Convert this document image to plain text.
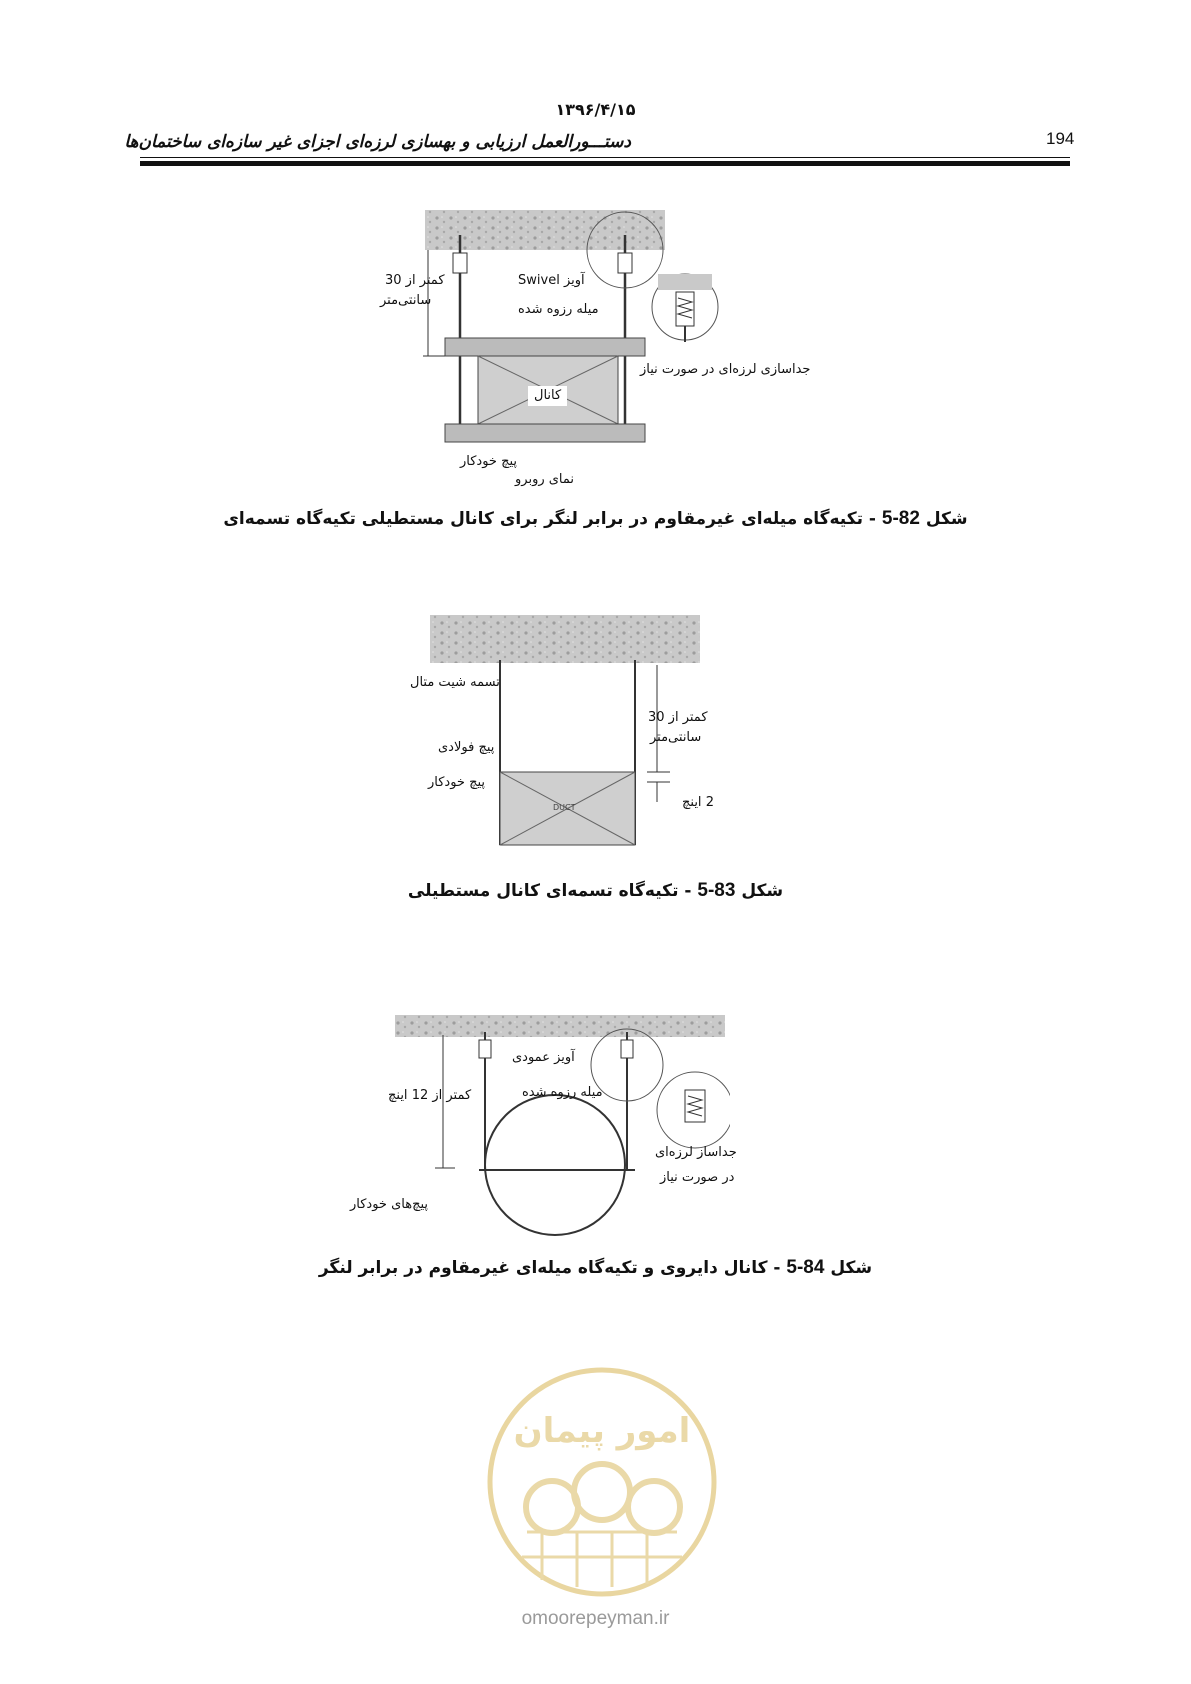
۱۳۹۶/۴/۱۵
دستـــورالعمل ارزیابی و بهسازی لرزه‌ای اجزای غیر سازه‌ای ساختمان‌ها	194
کمتر از 30
سانتی‌متر
آویز Swivel
میله رزوه شده
جداسازی لرزه‌ای در صورت نیاز
کانال
پیچ خودکار
نمای روبرو
شکل 5-82 - تکیه‌گاه میله‌ای غیرمقاوم در برابر لنگر برای کانال مستطیلی تکیه‌گاه تسمه‌ای
تسمه شیت متال
پیچ فولادی
پیچ خودکار
کمتر از 30
سانتی‌متر
2 اینچ
DUCT
شکل 5-83 - تکیه‌گاه تسمه‌ای کانال مستطیلی
آویز عمودی
میله رزوه شده
کمتر از 12 اینچ
جداساز لرزه‌ای
در صورت نیاز
پیچ‌های خودکار
شکل 5-84 - کانال دایروی و تکیه‌گاه میله‌ای غیرمقاوم در برابر لنگر
امور پیمان
omoorepeyman.ir
